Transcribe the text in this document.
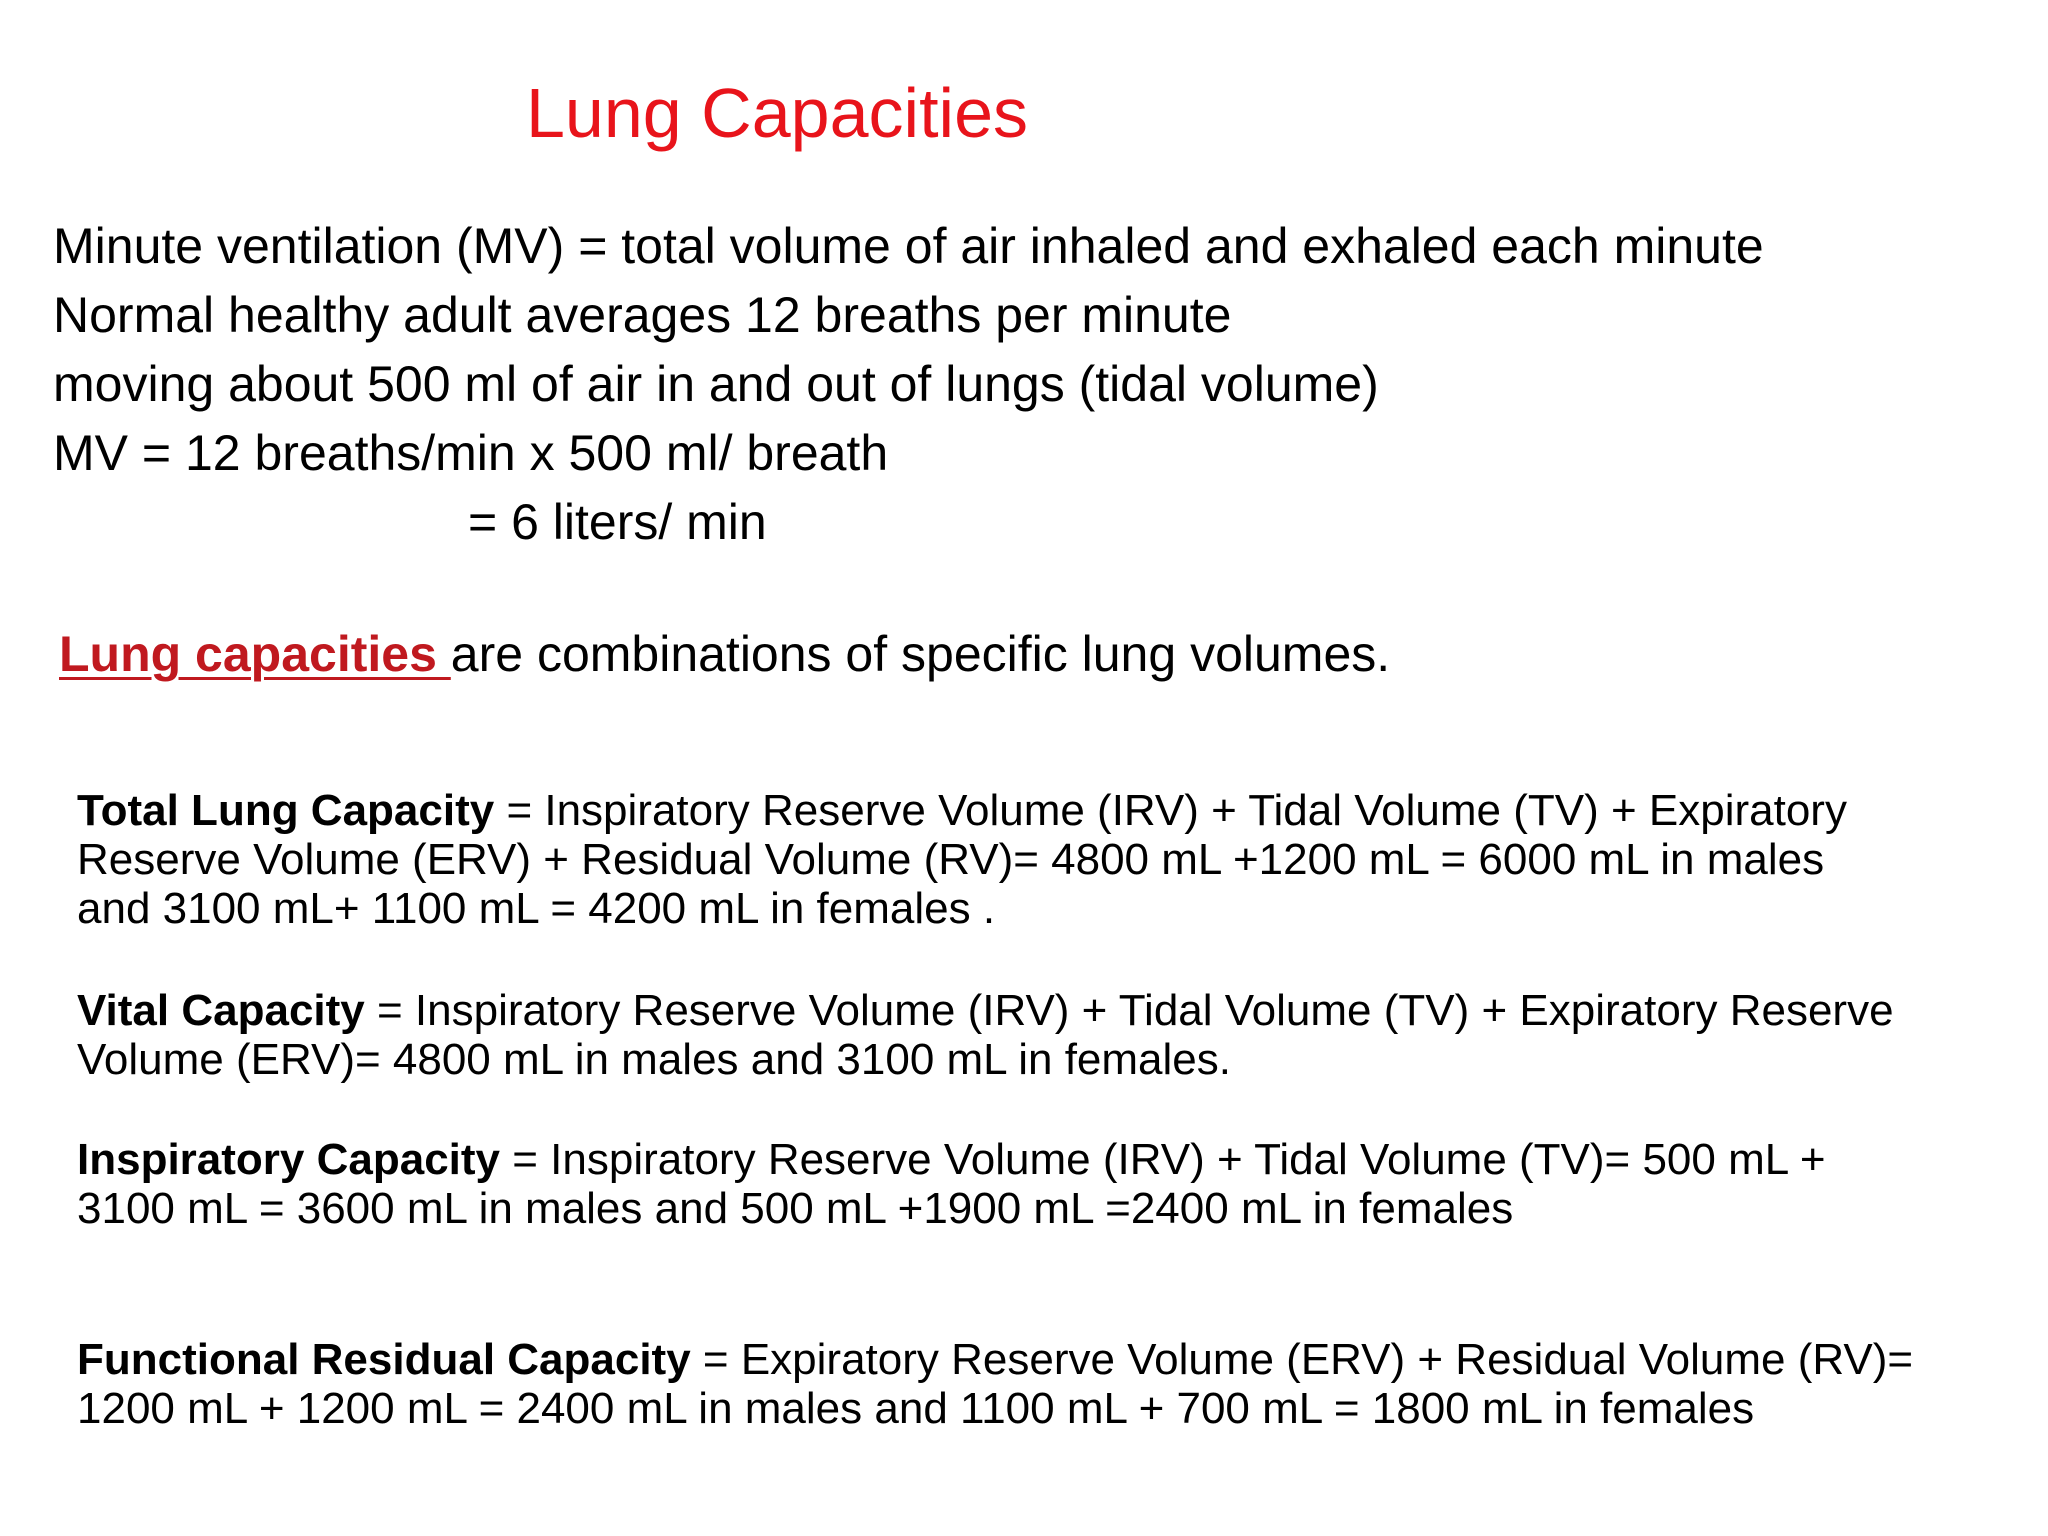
Lung Capacities
Minute ventilation (MV) = total volume of air inhaled and exhaled each minute
Normal healthy adult averages 12 breaths per minute
moving about 500 ml of air in and out of lungs (tidal volume)
MV = 12 breaths/min x 500 ml/ breath
= 6 liters/ min
Lung capacities are combinations of specific lung volumes.
Total Lung Capacity = Inspiratory Reserve Volume (IRV) + Tidal Volume (TV) + Expiratory
Reserve Volume (ERV) + Residual Volume (RV)= 4800 mL +1200 mL = 6000 mL in males
and 3100 mL+ 1100 mL = 4200 mL in females .
Vital Capacity = Inspiratory Reserve Volume (IRV) + Tidal Volume (TV) + Expiratory Reserve
Volume (ERV)= 4800 mL in males and 3100 mL in females.
Inspiratory Capacity = Inspiratory Reserve Volume (IRV) + Tidal Volume (TV)= 500 mL +
3100 mL = 3600 mL in males and 500 mL +1900 mL =2400 mL in females
Functional Residual Capacity = Expiratory Reserve Volume (ERV) + Residual Volume (RV)=
1200 mL + 1200 mL = 2400 mL in males and 1100 mL + 700 mL = 1800 mL in females
